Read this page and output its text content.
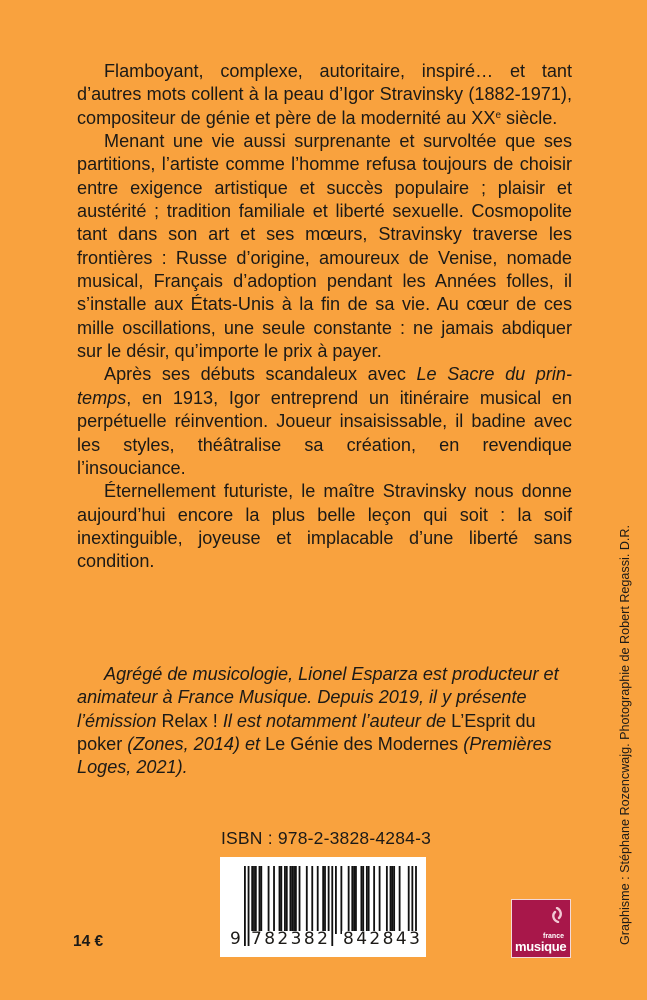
Flamboyant, complexe, autoritaire, inspiré… et tant d’autres mots collent à la peau d’Igor Stravinsky (1882-1971), compositeur de génie et père de la modernité au XXe siècle.

Menant une vie aussi surprenante et survoltée que ses partitions, l’artiste comme l’homme refusa toujours de choisir entre exigence artistique et succès populaire ; plaisir et austérité ; tradition familiale et liberté sexuelle. Cosmopolite tant dans son art et ses mœurs, Stravinsky traverse les frontières : Russe d’origine, amoureux de Venise, nomade musical, Français d’adoption pendant les Années folles, il s’installe aux États-Unis à la fin de sa vie. Au cœur de ces mille oscillations, une seule constante : ne jamais abdiquer sur le désir, qu’importe le prix à payer.

Après ses débuts scandaleux avec Le Sacre du prin-temps, en 1913, Igor entreprend un itinéraire musical en perpétuelle réinvention. Joueur insaisissable, il badine avec les styles, théâtralise sa création, en revendique l’insouciance.

Éternellement futuriste, le maître Stravinsky nous donne aujourd’hui encore la plus belle leçon qui soit : la soif inextinguible, joyeuse et implacable d’une liberté sans condition.

Agrégé de musicologie, Lionel Esparza est producteur et animateur à France Musique. Depuis 2019, il y présente l’émission Relax ! Il est notamment l’auteur de L’Esprit du poker (Zones, 2014) et Le Génie des Modernes (Premières Loges, 2021).

ISBN : 978-2-3828-4284-3
9 782382 842843
14 €	france
musique
Graphisme : Stéphane Rozencwajg. Photographie de Robert Regassi. D.R.
